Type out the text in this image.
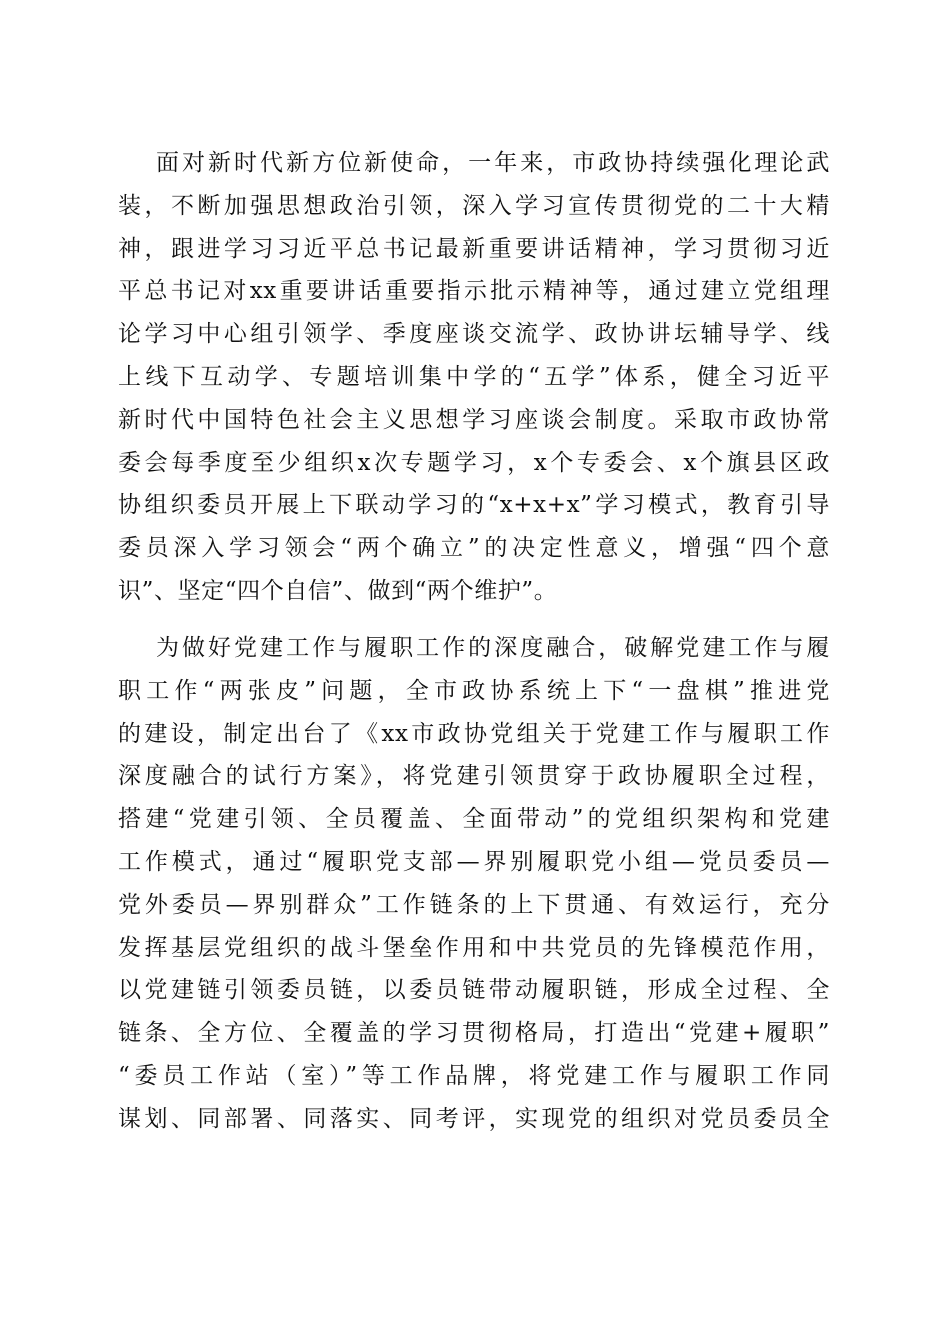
面对新时代新方位新使命，一年来，市政协持续强化理论武
装，不断加强思想政治引领，深入学习宣传贯彻党的二十大精
神，跟进学习习近平总书记最新重要讲话精神，学习贯彻习近
平总书记对xx重要讲话重要指示批示精神等，通过建立党组理
论学习中心组引领学、季度座谈交流学、政协讲坛辅导学、线
上线下互动学、专题培训集中学的“五学”体系，健全习近平
新时代中国特色社会主义思想学习座谈会制度。采取市政协常
委会每季度至少组织x次专题学习，x个专委会、x个旗县区政
协组织委员开展上下联动学习的“x+x+x”学习模式，教育引导
委员深入学习领会“两个确立”的决定性意义，增强“四个意
识”、坚定“四个自信”、做到“两个维护”。
为做好党建工作与履职工作的深度融合，破解党建工作与履
职工作“两张皮”问题，全市政协系统上下“一盘棋”推进党
的建设，制定出台了《xx市政协党组关于党建工作与履职工作
深度融合的试行方案》，将党建引领贯穿于政协履职全过程，
搭建“党建引领、全员覆盖、全面带动”的党组织架构和党建
工作模式，通过“履职党支部—界别履职党小组—党员委员—
党外委员—界别群众”工作链条的上下贯通、有效运行，充分
发挥基层党组织的战斗堡垒作用和中共党员的先锋模范作用，
以党建链引领委员链，以委员链带动履职链，形成全过程、全
链条、全方位、全覆盖的学习贯彻格局，打造出“党建+履职”
“委员工作站（室）”等工作品牌，将党建工作与履职工作同
谋划、同部署、同落实、同考评，实现党的组织对党员委员全
